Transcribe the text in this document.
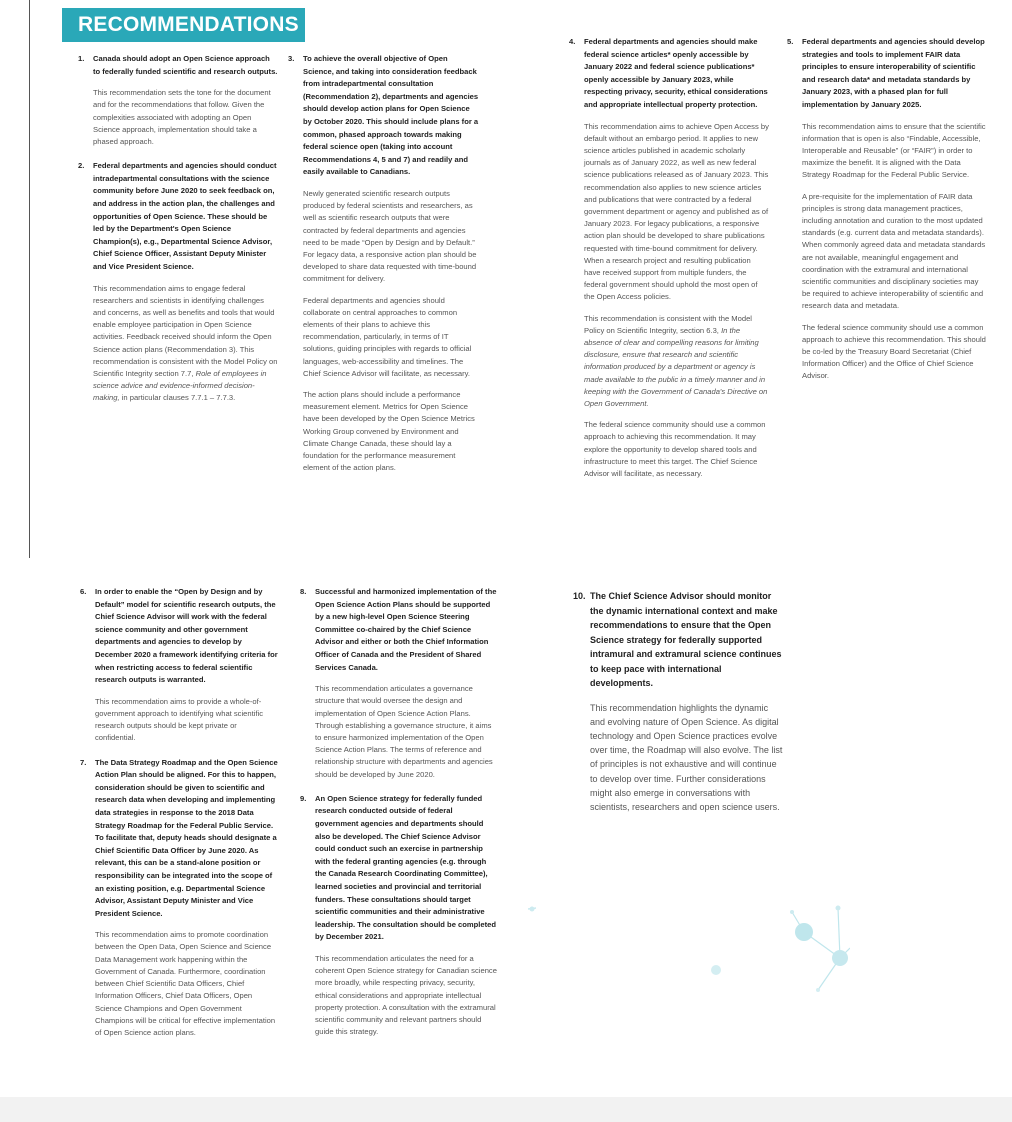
RECOMMENDATIONS
1. Canada should adopt an Open Science approach to federally funded scientific and research outputs.

This recommendation sets the tone for the document and for the recommendations that follow. Given the complexities associated with adopting an Open Science approach, implementation should take a phased approach.

2. Federal departments and agencies should conduct intradepartmental consultations with the science community before June 2020 to seek feedback on, and address in the action plan, the challenges and opportunities of Open Science. These should be led by the Department's Open Science Champion(s), e.g., Departmental Science Advisor, Chief Science Officer, Assistant Deputy Minister and Vice President Science.

This recommendation aims to engage federal researchers and scientists in identifying challenges and concerns, as well as benefits and tools that would enable employee participation in Open Science activities. Feedback received should inform the Open Science action plans (Recommendation 3). This recommendation is consistent with the Model Policy on Scientific Integrity section 7.7, Role of employees in science advice and evidence-informed decision-making, in particular clauses 7.7.1 – 7.7.3.

3. To achieve the overall objective of Open Science, and taking into consideration feedback from intradepartmental consultation (Recommendation 2), departments and agencies should develop action plans for Open Science by October 2020. This should include plans for a common, phased approach towards making federal science open (taking into account Recommendations 4, 5 and 7) and readily and easily available to Canadians.

Newly generated scientific research outputs produced by federal scientists and researchers, as well as scientific research outputs that were contracted by federal departments and agencies need to be made “Open by Design and by Default.” For legacy data, a responsive action plan should be developed to share data requested with time-bound commitment for delivery.

Federal departments and agencies should collaborate on central approaches to common elements of their plans to achieve this recommendation, particularly, in terms of IT solutions, guiding principles with regards to official languages, web-accessibility and timelines. The Chief Science Advisor will facilitate, as necessary.

The action plans should include a performance measurement element. Metrics for Open Science have been developed by the Open Science Metrics Working Group convened by Environment and Climate Change Canada, these should lay a foundation for the performance measurement element of the action plans.

4. Federal departments and agencies should make federal science articles* openly accessible by January 2022 and federal science publications* openly accessible by January 2023, while respecting privacy, security, ethical considerations and appropriate intellectual property protection.

This recommendation aims to achieve Open Access by default without an embargo period. It applies to new science articles published in academic scholarly journals as of January 2022, as well as new federal science publications released as of January 2023. This recommendation also applies to new science articles and publications that were contracted by a federal government department or agency and published as of January 2023. For legacy publications, a responsive action plan should be developed to share publications requested with time-bound commitment for delivery. When a research project and resulting publication have received support from multiple funders, the federal government should uphold the most open of the Open Access policies.

This recommendation is consistent with the Model Policy on Scientific Integrity, section 6.3, In the absence of clear and compelling reasons for limiting disclosure, ensure that research and scientific information produced by a department or agency is made available to the public in a timely manner and in keeping with the Government of Canada's Directive on Open Government.

The federal science community should use a common approach to achieving this recommendation. It may explore the opportunity to develop shared tools and infrastructure to meet this target. The Chief Science Advisor will facilitate, as necessary.

5. Federal departments and agencies should develop strategies and tools to implement FAIR data principles to ensure interoperability of scientific and research data* and metadata standards by January 2023, with a phased plan for full implementation by January 2025.

This recommendation aims to ensure that the scientific information that is open is also “Findable, Accessible, Interoperable and Reusable” (or “FAIR”) in order to maximize the benefit. It is aligned with the Data Strategy Roadmap for the Federal Public Service.

A pre-requisite for the implementation of FAIR data principles is strong data management practices, including annotation and curation to the most updated standards (e.g. current data and metadata standards). When commonly agreed data and metadata standards are not available, meaningful engagement and coordination with the extramural and international scientific communities and disciplinary societies may be required to achieve interoperability of scientific and research data and metadata.

The federal science community should use a common approach to achieve this recommendation. This should be co-led by the Treasury Board Secretariat (Chief Information Officer) and the Office of Chief Science Advisor.

6. In order to enable the “Open by Design and by Default” model for scientific research outputs, the Chief Science Advisor will work with the federal science community and other government departments and agencies to develop by December 2020 a framework identifying criteria for when restricting access to federal scientific research outputs is warranted.

This recommendation aims to provide a whole-of-government approach to identifying what scientific research outputs should be kept private or confidential.

7. The Data Strategy Roadmap and the Open Science Action Plan should be aligned. For this to happen, consideration should be given to scientific and research data when developing and implementing data strategies in response to the 2018 Data Strategy Roadmap for the Federal Public Service. To facilitate that, deputy heads should designate a Chief Scientific Data Officer by June 2020. As relevant, this can be a stand-alone position or responsibility can be integrated into the scope of an existing position, e.g. Departmental Science Advisor, Assistant Deputy Minister and Vice President Science.

This recommendation aims to promote coordination between the Open Data, Open Science and Science Data Management work happening within the Government of Canada. Furthermore, coordination between Chief Scientific Data Officers, Chief Information Officers, Chief Data Officers, Open Science Champions and Open Government Champions will be critical for effective implementation of Open Science action plans.

8. Successful and harmonized implementation of the Open Science Action Plans should be supported by a new high-level Open Science Steering Committee co-chaired by the Chief Science Advisor and either or both the Chief Information Officer of Canada and the President of Shared Services Canada.

This recommendation articulates a governance structure that would oversee the design and implementation of Open Science Action Plans. Through establishing a governance structure, it aims to ensure harmonized implementation of the Open Science Action Plans. The terms of reference and relationship structure with departments and agencies should be developed by June 2020.

9. An Open Science strategy for federally funded research conducted outside of federal government agencies and departments should also be developed. The Chief Science Advisor could conduct such an exercise in partnership with the federal granting agencies (e.g. through the Canada Research Coordinating Committee), learned societies and provincial and territorial funders. These consultations should target scientific communities and their administrative leadership. The consultation should be completed by December 2021.

This recommendation articulates the need for a coherent Open Science strategy for Canadian science more broadly, while respecting privacy, security, ethical considerations and appropriate intellectual property protection. A consultation with the extramural scientific community and relevant partners should guide this strategy.

10. The Chief Science Advisor should monitor the dynamic international context and make recommendations to ensure that the Open Science strategy for federally supported intramural and extramural science continues to keep pace with international developments.

This recommendation highlights the dynamic and evolving nature of Open Science. As digital technology and Open Science practices evolve over time, the Roadmap will also evolve. The list of principles is not exhaustive and will continue to develop over time. Further considerations might also emerge in conversations with scientists, researchers and open science users.
